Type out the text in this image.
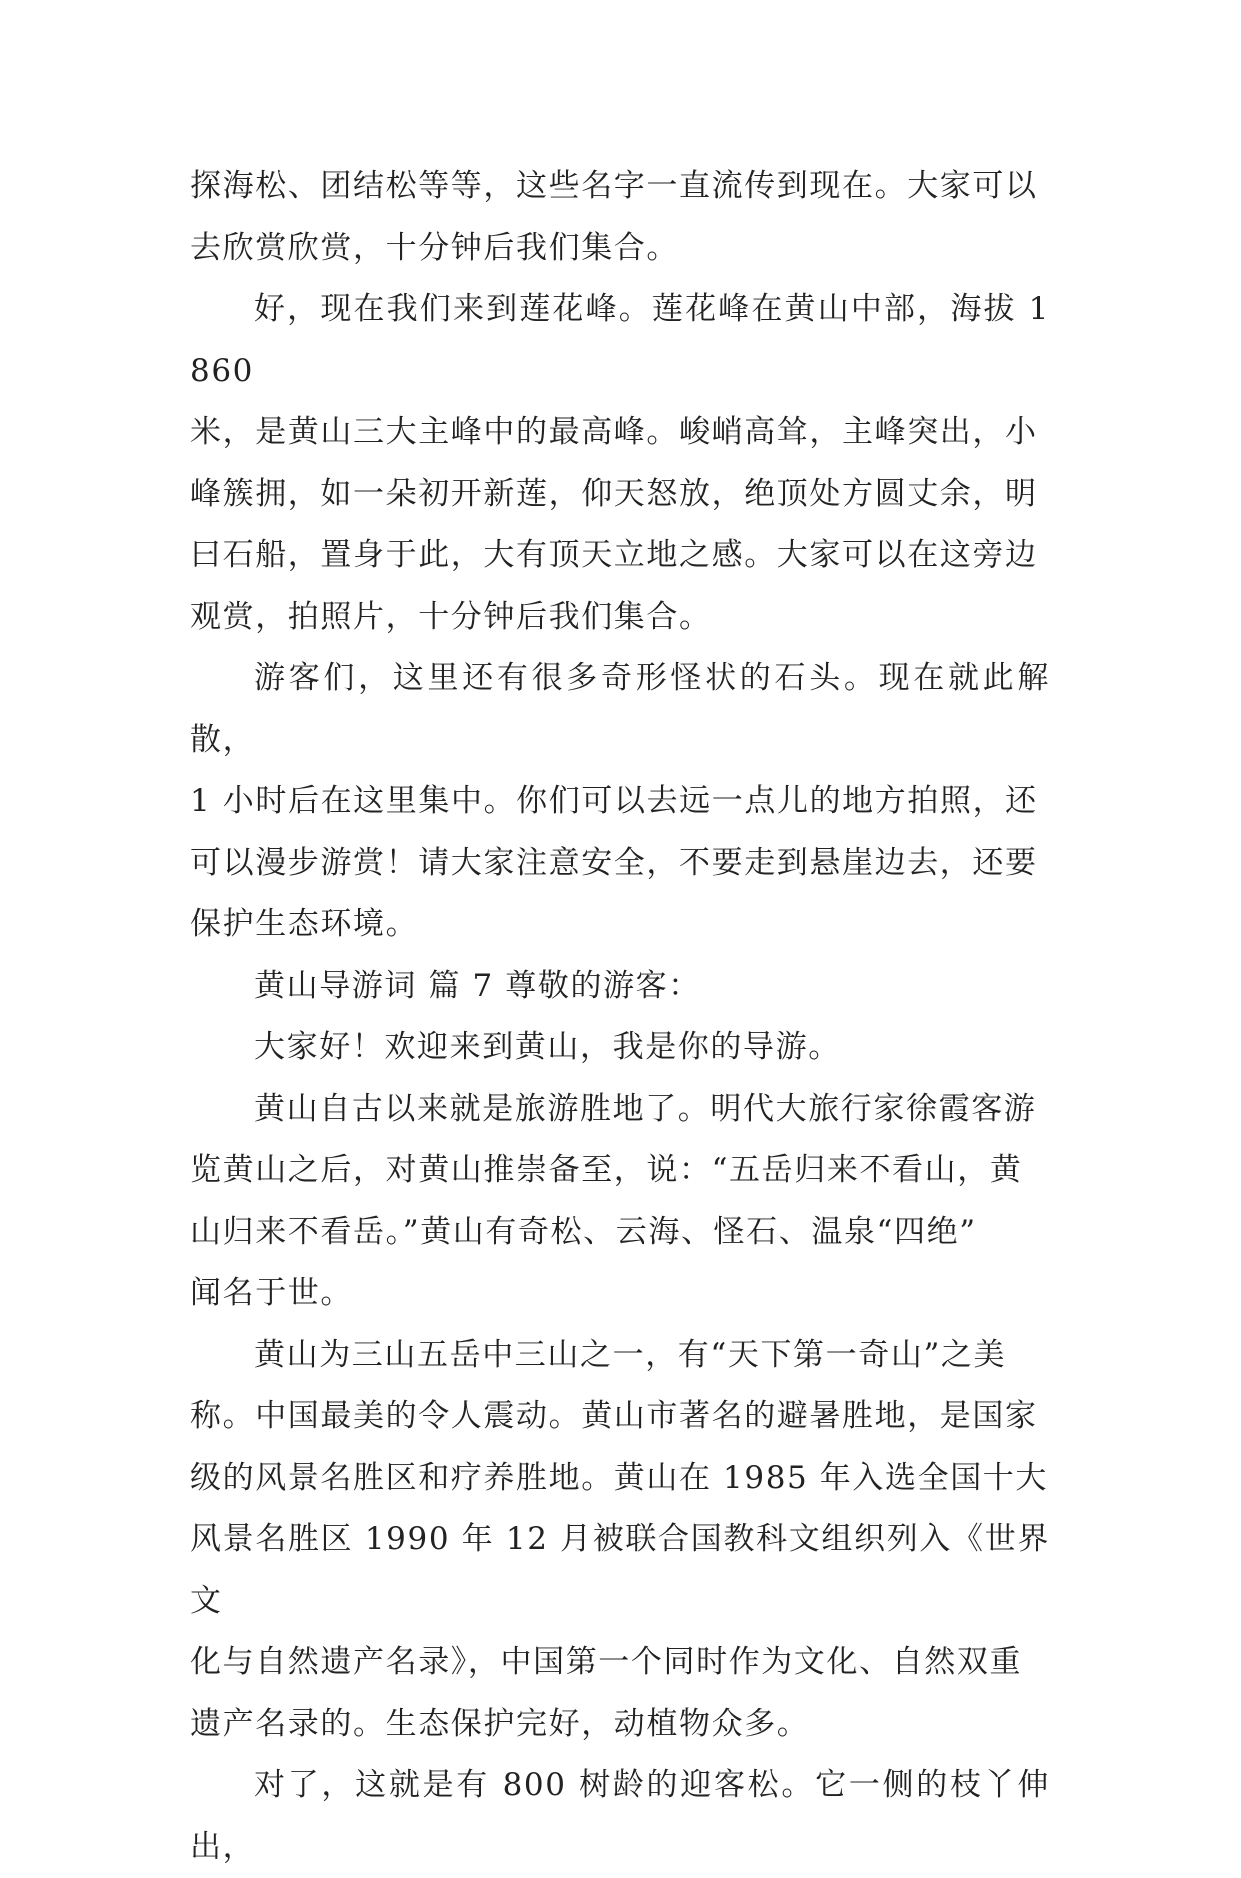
探海松、团结松等等，这些名字一直流传到现在。大家可以
去欣赏欣赏，十分钟后我们集合。

好，现在我们来到莲花峰。莲花峰在黄山中部，海拔 1860
米，是黄山三大主峰中的最高峰。峻峭高耸，主峰突出，小
峰簇拥，如一朵初开新莲，仰天怒放，绝顶处方圆丈余，明
曰石船，置身于此，大有顶天立地之感。大家可以在这旁边
观赏，拍照片，十分钟后我们集合。

游客们，这里还有很多奇形怪状的石头。现在就此解散，
1 小时后在这里集中。你们可以去远一点儿的地方拍照，还
可以漫步游赏！请大家注意安全，不要走到悬崖边去，还要
保护生态环境。

黄山导游词 篇 7 尊敬的游客：

大家好！欢迎来到黄山，我是你的导游。

黄山自古以来就是旅游胜地了。明代大旅行家徐霞客游
览黄山之后，对黄山推崇备至，说：“五岳归来不看山，黄
山归来不看岳。”黄山有奇松、云海、怪石、温泉“四绝”
闻名于世。

黄山为三山五岳中三山之一，有“天下第一奇山”之美
称。中国最美的令人震动。黄山市著名的避暑胜地，是国家
级的风景名胜区和疗养胜地。黄山在 1985 年入选全国十大
风景名胜区 1990 年 12 月被联合国教科文组织列入《世界文
化与自然遗产名录》，中国第一个同时作为文化、自然双重
遗产名录的。生态保护完好，动植物众多。

对了，这就是有 800 树龄的迎客松。它一侧的枝丫伸出，
